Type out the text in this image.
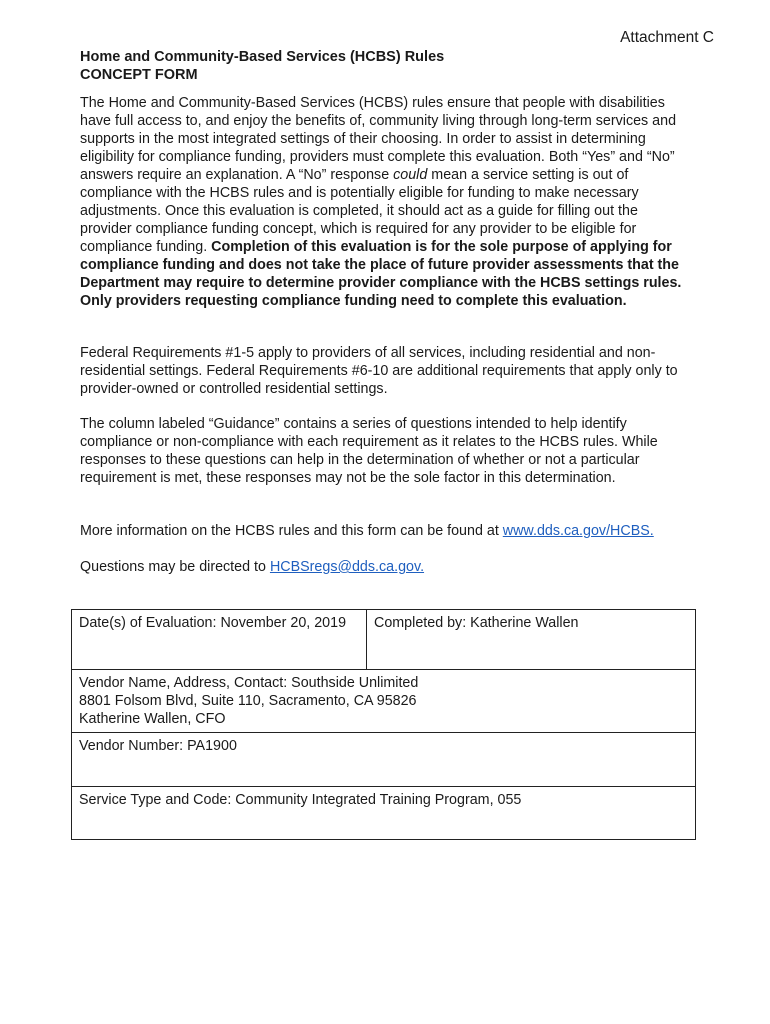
Attachment C
Home and Community-Based Services (HCBS) Rules
CONCEPT FORM

The Home and Community-Based Services (HCBS) rules ensure that people with disabilities have full access to, and enjoy the benefits of, community living through long-term services and supports in the most integrated settings of their choosing. In order to assist in determining eligibility for compliance funding, providers must complete this evaluation. Both “Yes” and “No” answers require an explanation. A “No” response could mean a service setting is out of compliance with the HCBS rules and is potentially eligible for funding to make necessary adjustments. Once this evaluation is completed, it should act as a guide for filling out the provider compliance funding concept, which is required for any provider to be eligible for compliance funding. Completion of this evaluation is for the sole purpose of applying for compliance funding and does not take the place of future provider assessments that the Department may require to determine provider compliance with the HCBS settings rules. Only providers requesting compliance funding need to complete this evaluation.

Federal Requirements #1-5 apply to providers of all services, including residential and non-residential settings. Federal Requirements #6-10 are additional requirements that apply only to provider-owned or controlled residential settings.

The column labeled “Guidance” contains a series of questions intended to help identify compliance or non-compliance with each requirement as it relates to the HCBS rules. While responses to these questions can help in the determination of whether or not a particular requirement is met, these responses may not be the sole factor in this determination.

More information on the HCBS rules and this form can be found at www.dds.ca.gov/HCBS.

Questions may be directed to HCBSregs@dds.ca.gov.

Date(s) of Evaluation: November 20, 2019	Completed by: Katherine Wallen

Vendor Name, Address, Contact: Southside Unlimited
8801 Folsom Blvd, Suite 110, Sacramento, CA 95826
Katherine Wallen, CFO

Vendor Number: PA1900
Service Type and Code: Community Integrated Training Program, 055
